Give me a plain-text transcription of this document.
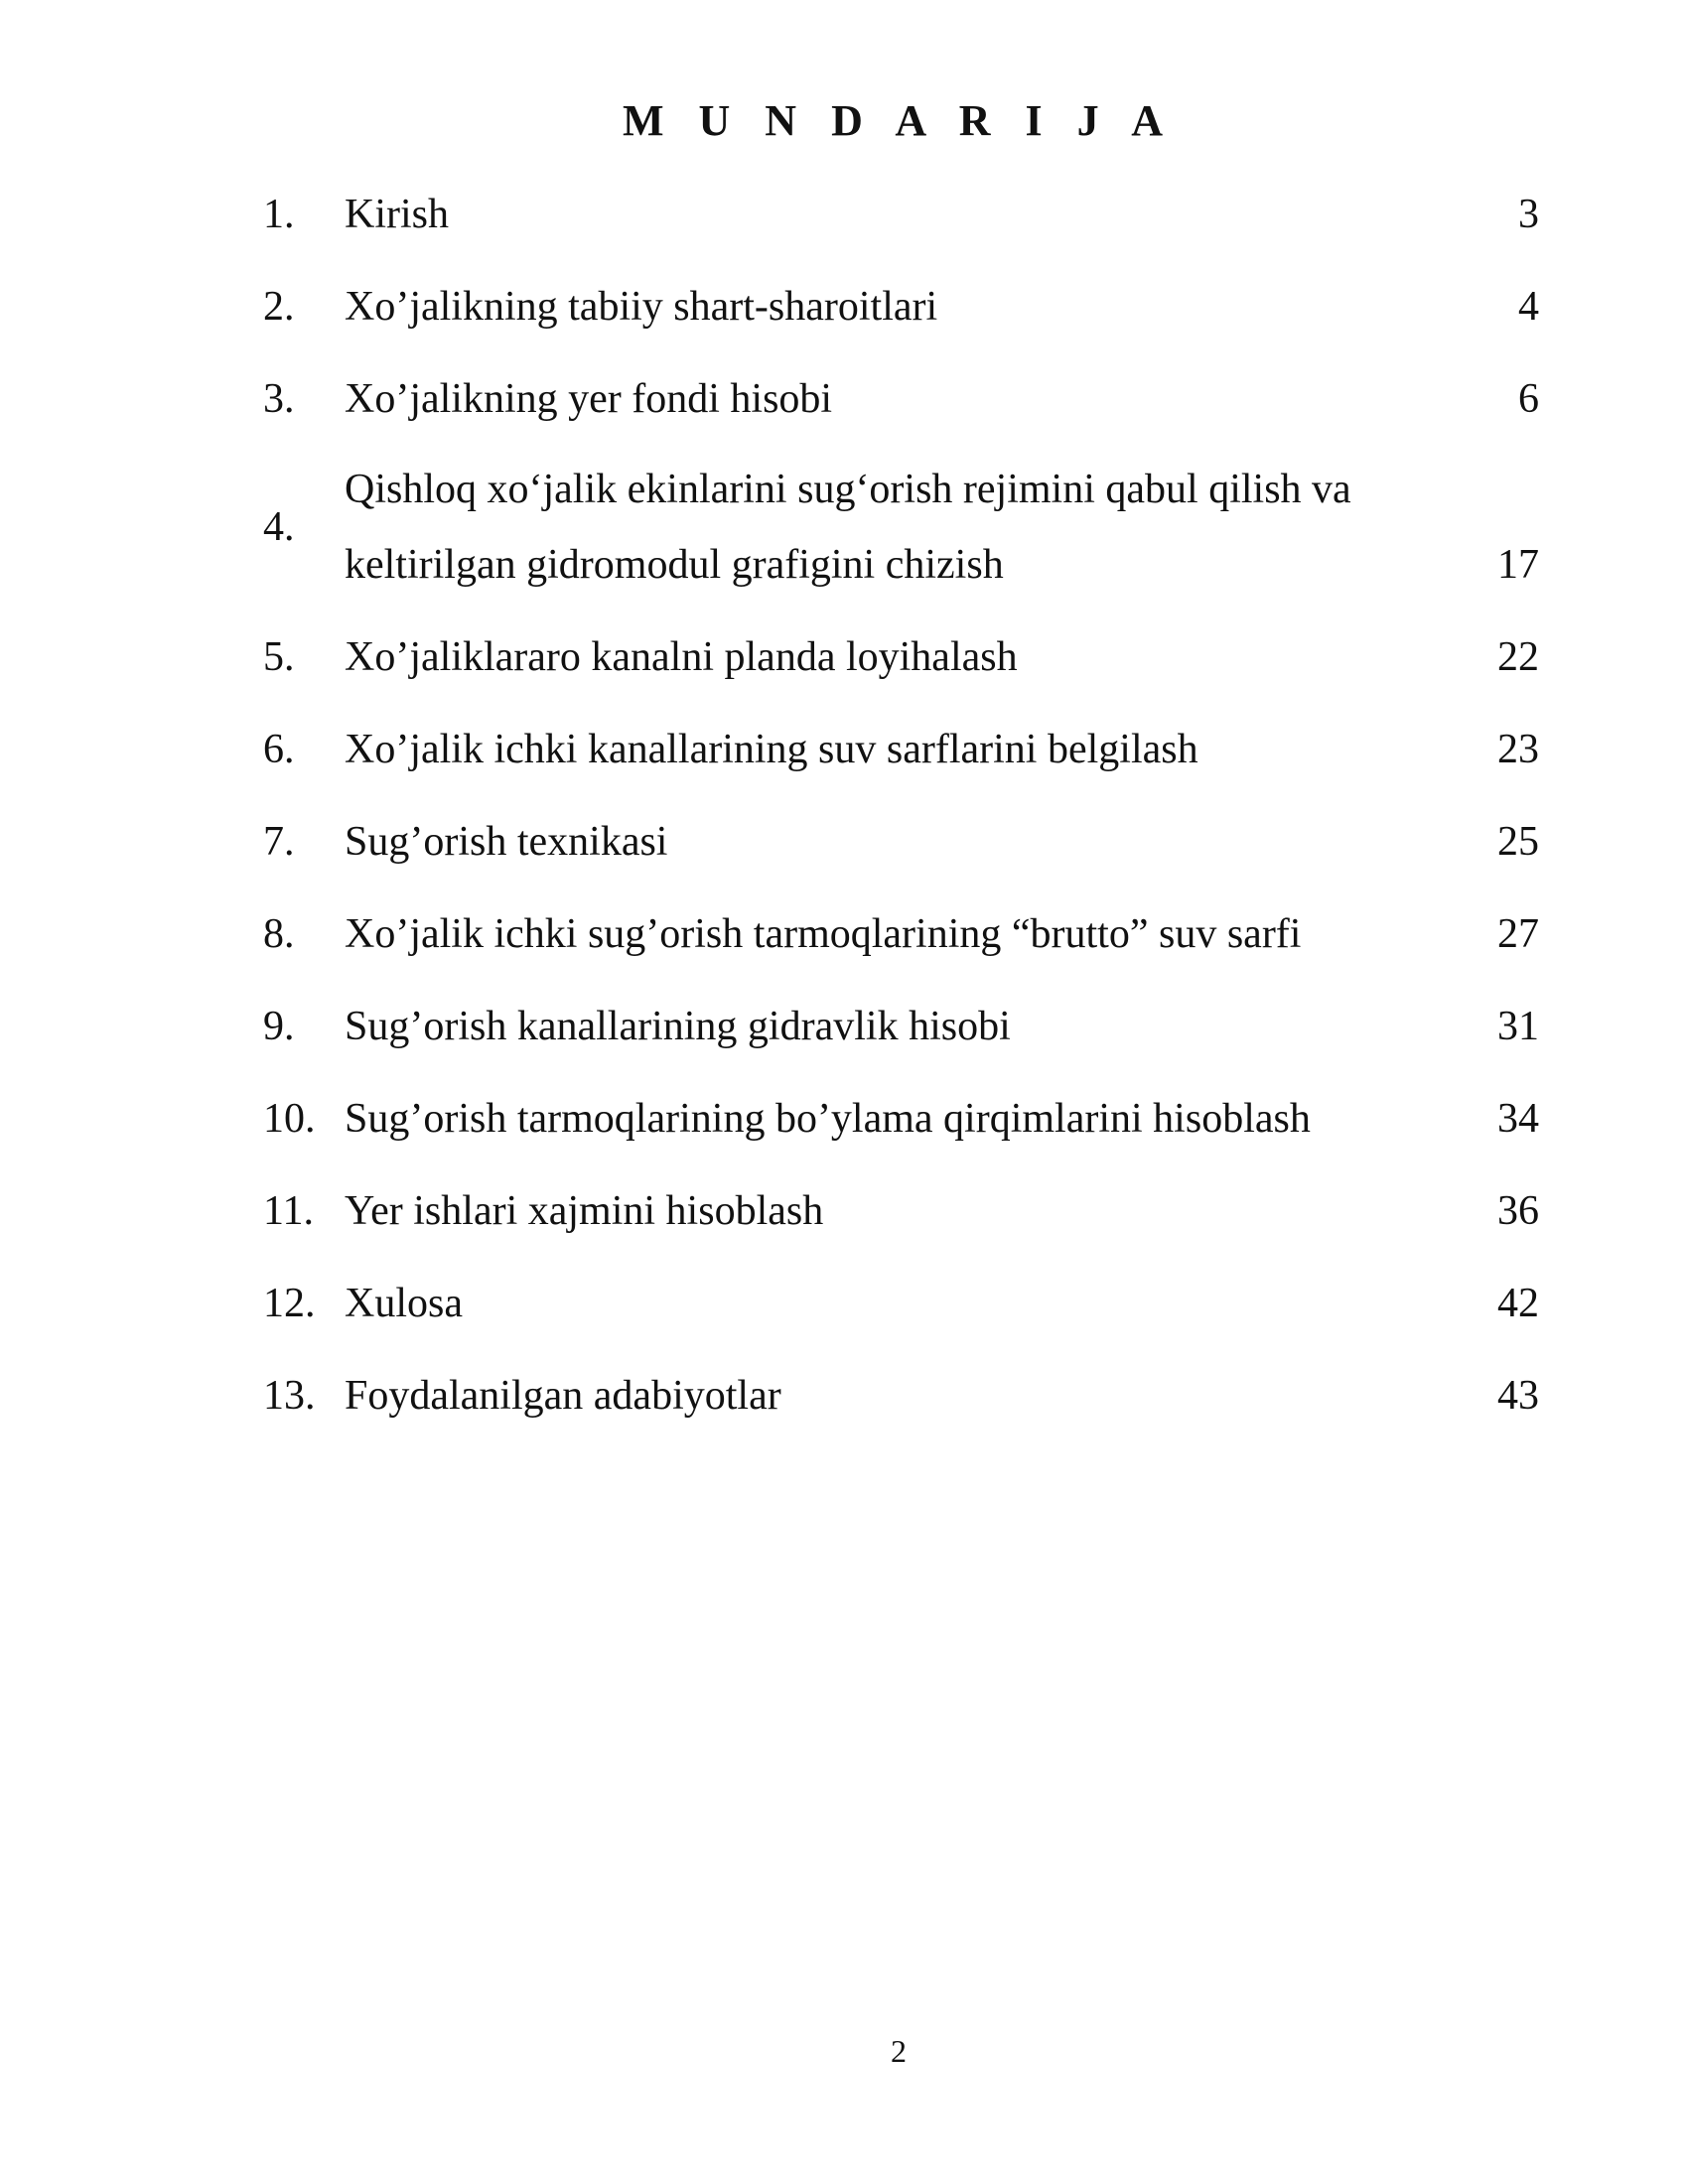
M U N D A R I J A
1. Kirish	3
2. Xo’jalikning tabiiy shart-sharoitlari	4
3. Xo’jalikning yer fondi hisobi	6
4.
Qishloq xo‘jalik ekinlarini sug‘orish rejimini qabul qilish va
keltirilgan gidromodul grafigini chizish	17
5. Xo’jaliklararo kanalni planda loyihalash	22
6. Xo’jalik ichki kanallarining suv sarflarini belgilash	23
7. Sug’orish texnikasi	25
8. Xo’jalik ichki sug’orish tarmoqlarining “brutto” suv sarfi	27
9. Sug’orish kanallarining gidravlik hisobi	31
10. Sug’orish tarmoqlarining bo’ylama qirqimlarini hisoblash	34
11. Yer ishlari xajmini hisoblash	36
12. Xulosa	42
13. Foydalanilgan adabiyotlar	43
2
